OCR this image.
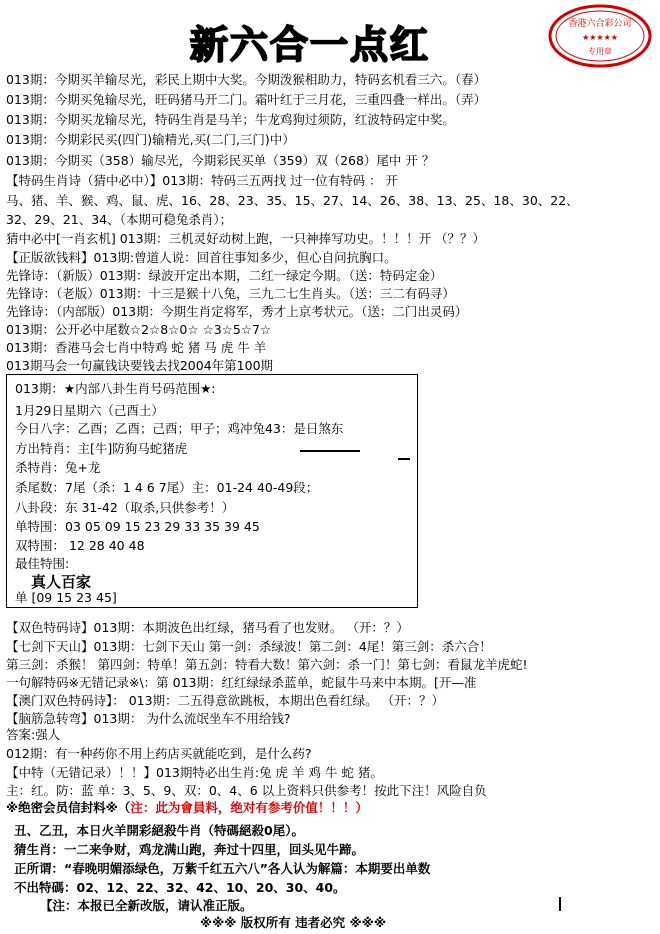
新六合一点红	香港六合彩公司
★★★★★
专用章
013期：今期买羊输尽光，彩民上期中大奖。今期泼猴相助力，特码玄机看三六。（春）
013期：今期买兔输尽光，旺码猪马开二门。霜叶红于三月花，三重四叠一样出。（弄）
013期：今期买龙输尽光，特码生肖是马羊；牛龙鸡狗过须防，红波特码定中奖。
013期：今期彩民买(四门)输精光,买(二门,三门)中）
013期：今期买（358）输尽光，今期彩民买单（359）双（268）尾中 开 ？
【特码生肖诗（猜中必中）】013期：特码三五两找 过一位有特码 ： 开
马、猪、羊、猴、鸡、鼠、虎、16、28、23、35、15、27、14、26、38、13、25、18、30、22、
32、29、21、34、（本期可稳兔杀肖）；
猜中必中[一肖玄机] 013期：三机灵好动树上跑，一只神捧写功史。！！！开 （？？）
【正版欲钱料】013期:曾道人说：回首往事知多少，但心自问抗胸口。
先锋诗：（新版）013期：绿波开定出本期，二红一绿定今期。（送：特码定金）
先锋诗：（老版）013期：十三是猴十八兔，三九二七生肖头。（送：三二有码寻）
先锋诗：（内部版）013期：今期生肖定将军，秀才上京考状元。（送：二门出灵码）
013期：公开必中尾数☆2☆8☆0☆ ☆3☆5☆7☆
013期：香港马会七肖中特鸡 蛇 猪 马 虎 牛 羊
013期马会一句赢钱诀要钱去找2004年第100期
013期：★内部八卦生肖号码范围★:
1月29日星期六（己酉土）
今日八字：乙酉；乙酉；己酉；甲子；鸡冲兔43：是日煞东
方出特肖：主[牛]防狗马蛇猪虎
杀特肖：兔+龙
杀尾数：7尾（杀：1 4 6 7尾）主：01-24 40-49段；
八卦段：东 31-42（取杀,只供参考！）
单特围：03 05 09 15 23 29 33 35 39 45
双特围： 12 28 40 48
最佳特围:
真人百家
单 [09 15 23 45]
【双色特码诗】013期：本期波色出红绿，猪马看了也发财。 （开：？）
【七剑下天山】013期：七剑下天山 第一剑：杀绿波！第二剑：4尾！第三剑：杀六合！
第三剑：杀猴！ 第四剑：特单！第五剑：特看大数！第六剑：杀一门！第七剑：看鼠龙羊虎蛇!
一句解特码※无错记录※\：第 013期：红红绿绿杀蓝单，蛇鼠牛马来中本期。[开—准
【澳门双色特码诗】： 013期：二五得意欲跳板，本期出色看红绿。 （开：？）
【脑筋急转弯】013期： 为什么流氓坐车不用给钱?
答案:强人
012期：有一种药你不用上药店买就能吃到，是什么药?
【中特（无错记录）！！】013期特必出生肖:兔 虎 羊 鸡 牛 蛇 猪。
主：红。防：蓝 单：3、5、9、双：0、4、6 以上资料只供参考！按此下注！风险自负
※绝密会员信封料※（注：此为會員料，绝对有参考价值！！！）
丑、乙丑，本日火羊開彩絕殺牛肖（特碼絕殺0尾）。
猜生肖：一二来争财，鸡龙满山跑，奔过十四里，回头见牛蹄。
正所谓：“春晚明媚添绿色，万紫千红五六八”各人认为解篇：本期要出单数
不出特碼：02、12、22、32、42、10、20、30、40。
【注：本报已全新改版，请认准正版。
※※※ 版权所有 违者必究 ※※※
